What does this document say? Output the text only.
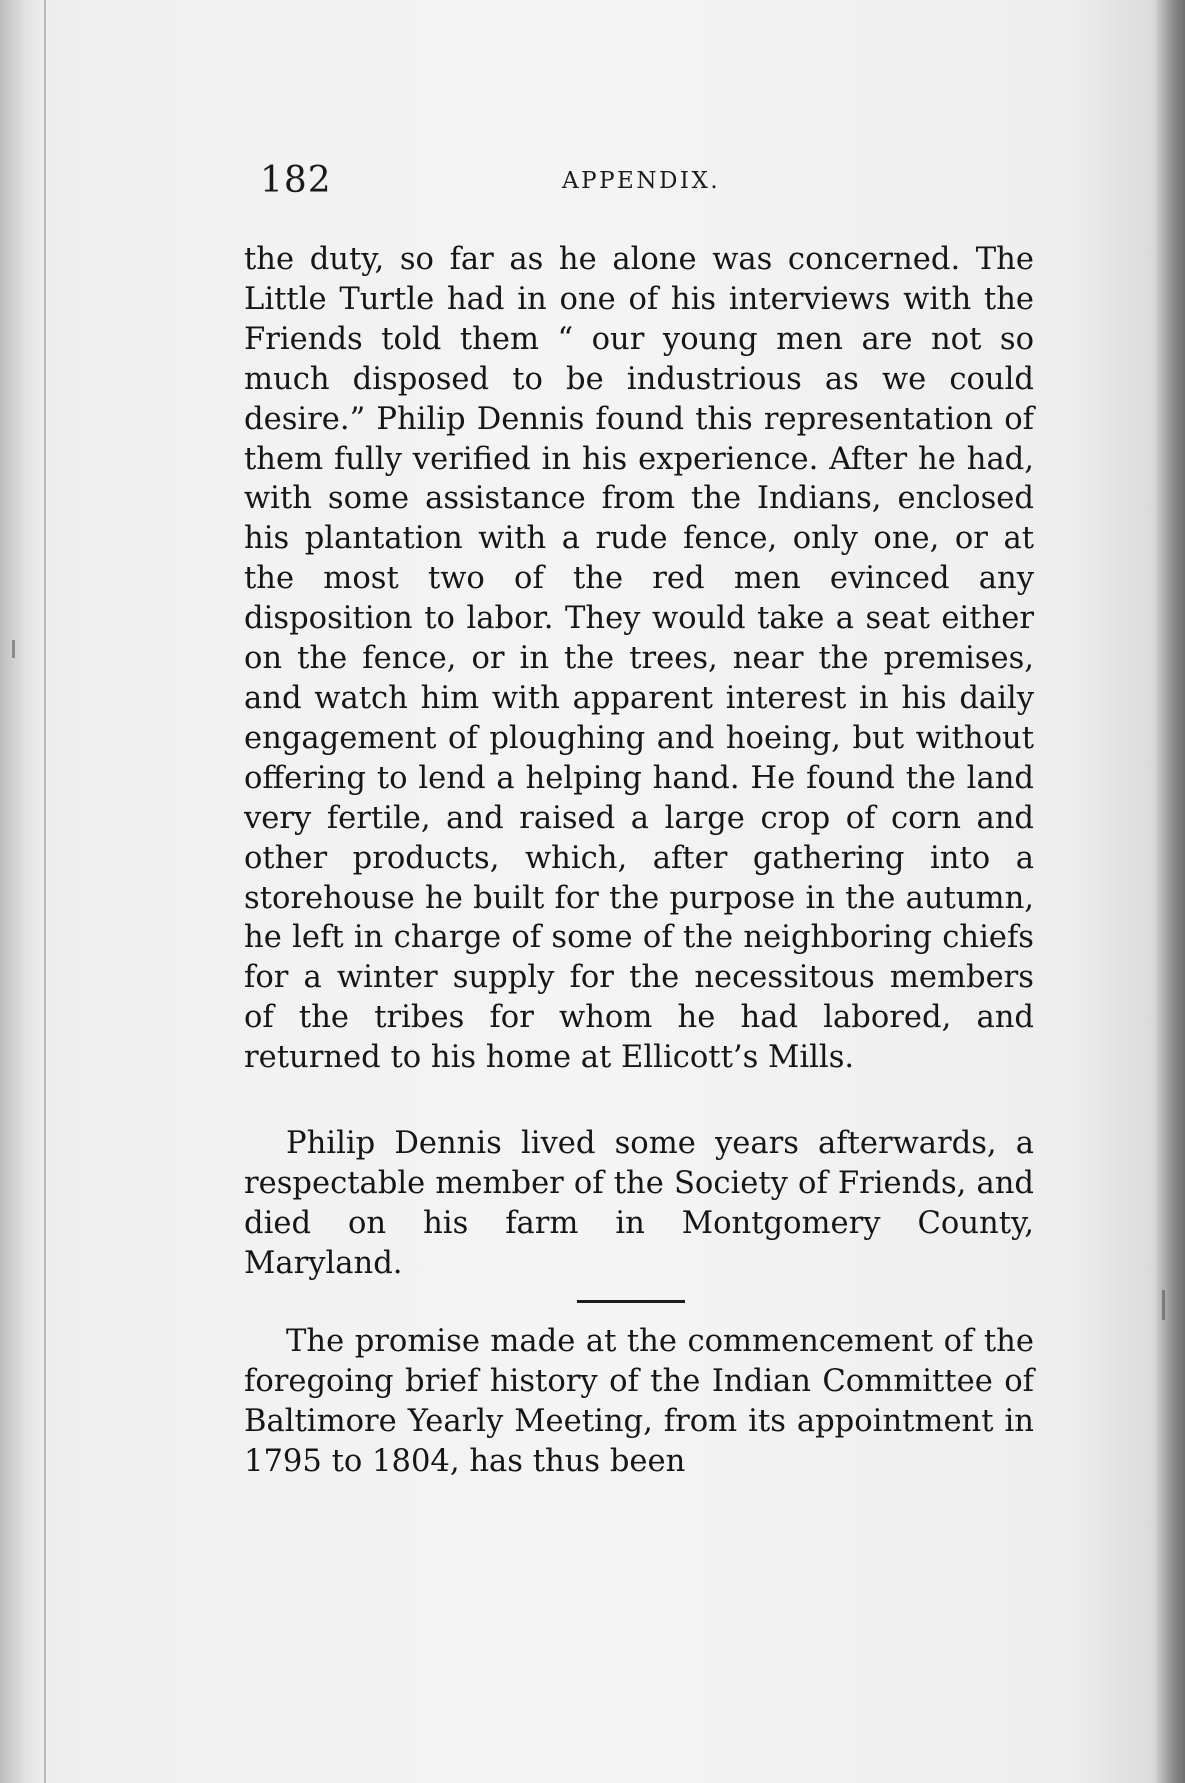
182	APPENDIX.

the duty, so far as he alone was concerned. The Little Turtle had in one of his interviews with the Friends told them “ our young men are not so much disposed to be industrious as we could desire.” Philip Dennis found this representation of them fully verified in his experience. After he had, with some assistance from the Indians, enclosed his plantation with a rude fence, only one, or at the most two of the red men evinced any disposition to labor. They would take a seat either on the fence, or in the trees, near the premises, and watch him with apparent interest in his daily engagement of ploughing and hoeing, but without offering to lend a helping hand. He found the land very fertile, and raised a large crop of corn and other products, which, after gathering into a storehouse he built for the purpose in the autumn, he left in charge of some of the neighboring chiefs for a winter supply for the necessitous members of the tribes for whom he had labored, and returned to his home at Ellicott’s Mills.

Philip Dennis lived some years afterwards, a respectable member of the Society of Friends, and died on his farm in Montgomery County, Maryland.

The promise made at the commencement of the foregoing brief history of the Indian Committee of Baltimore Yearly Meeting, from its appointment in 1795 to 1804, has thus been
